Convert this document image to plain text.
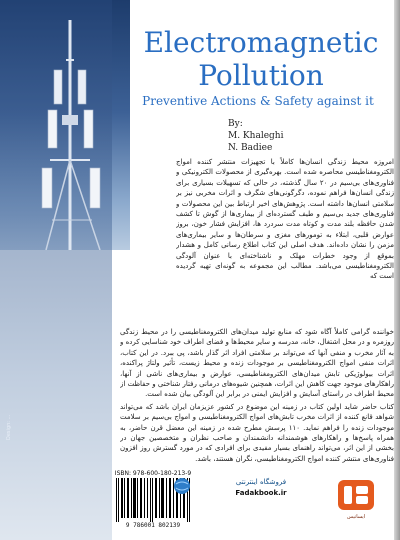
Design: ...
Electromagnetic
Pollution
Preventive Actions & Safety against it
By:
M. Khaleghi
N. Badiee
امروزه محیط زندگی انسان‌ها کاملاً با تجهیزات منتشر کننده امواج الکترومغناطیسی محاصره شده است. بهره‌گیری از محصولات الکترونیکی و فناوری‌های بی‌سیم در ۲۰ سال گذشته، در حالی که تسهیلات بسیاری برای زندگی انسان‌ها فراهم نموده، دگرگونی‌های شگرف و اثرات مخربی نیز بر سلامتی انسان‌ها داشته است. پژوهش‌های اخیر ارتباط بین این محصولات و فناوری‌های جدید بی‌سیم و طیف گسترده‌ای از بیماری‌ها از گوش تا کشف شدن حافظه بلند مدت و کوتاه مدت سردرد ها، افزایش فشار خون، بروز عوارض قلبی، ابتلاء به تومورهای مغزی و سرطان‌ها و سایر بیماری‌های مزمن را نشان داده‌اند. هدف اصلی این کتاب اطلاع رسانی کامل و هشدار بموقع از وجود خطرات مهلک و ناشناخته‌ای با عنوان آلودگی الکترومغناطیسی می‌باشد. مطالب این مجموعه به گونه‌ای تهیه گردیده است که

خواننده گرامی کاملاً آگاه شود که منابع تولید میدان‌های الکترومغناطیسی را در محیط زندگی روزمره و در محل اشتغال، خانه، مدرسه و سایر محیط‌ها و فضای اطراف خود شناسایی کرده و به آثار مخرب و منفی آنها که می‌تواند بر سلامتی افراد اثر گذار باشد، پی ببرد. در این کتاب، اثرات منفی امواج الکترومغناطیسی بر موجودات زنده و محیط زیست، تأثیر ولتاژ پراکنده، اثرات بیولوژیکی تابش میدان‌های الکترومغناطیسی، عوارض و بیماری‌های ناشی از آنها، راهکارهای موجود جهت کاهش این اثرات، همچنین شیوه‌های درمانی رفتار شناختی و حفاظت از محیط اطراف در راستای آسایش و افزایش ایمنی در برابر این آلودگی بیان شده است.

کتاب حاضر شاید اولین کتاب در زمینه این موضوع در کشور عزیزمان ایران باشد که می‌تواند شواهد قانع کننده از اثرات مخرب تابش‌های امواج الکترومغناطیسی و امواج بی‌سیم بر سلامت موجودات زنده را فراهم نماید. ۱۱۰ پرسش مطرح شده در زمینه این معضل قرن حاضر، به همراه پاسخ‌ها و راهکارهای هوشمندانه دانشمندان و صاحب نظران و متخصصین جهان در بخشی از این اثر، می‌تواند راهنمای بسیار مفیدی برای افرادی که در مورد گسترش روز افزون فناوری‌های منتشر کننده امواج الکترومغناطیسی، نگران هستند، باشد.

ISBN: 978-600-180-213-9
9 786001 802139
فروشگاه اینترنتی
Fadakbook.ir
ایساتیس
